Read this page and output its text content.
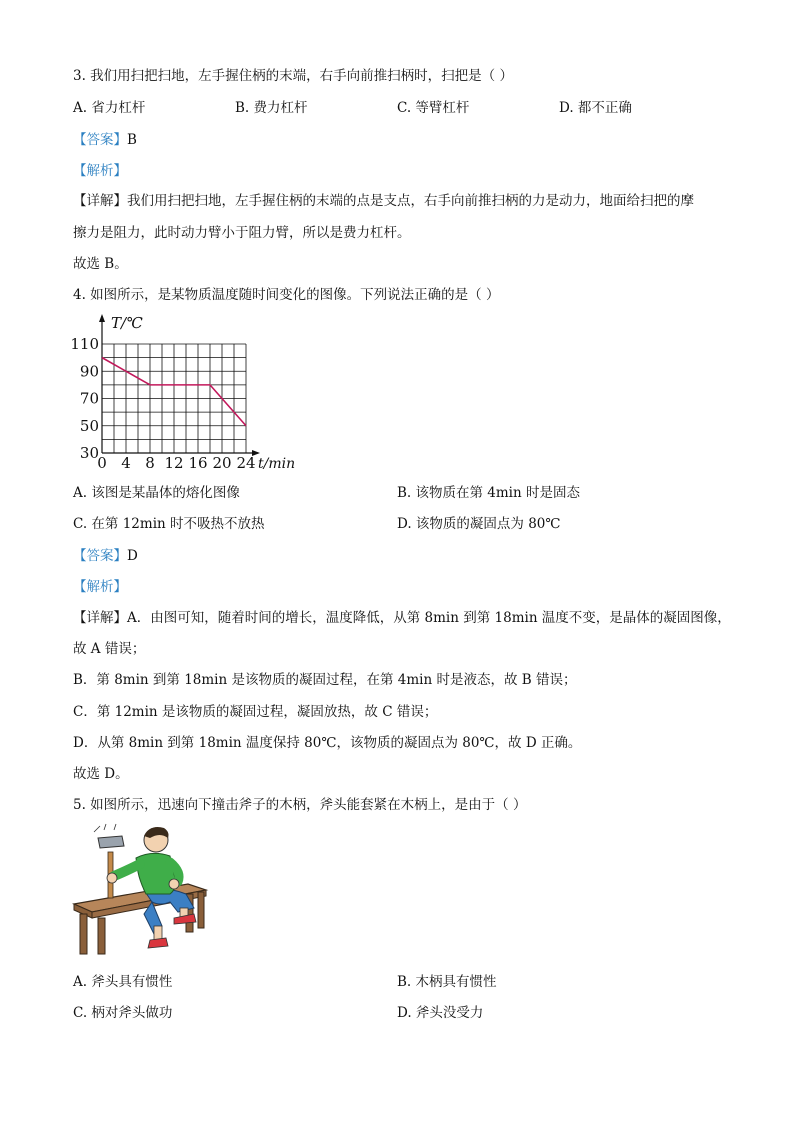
3. 我们用扫把扫地，左手握住柄的末端，右手向前推扫柄时，扫把是（ ）
A. 省力杠杆	B. 费力杠杆	C. 等臂杠杆	D. 都不正确
【答案】B
【解析】
【详解】我们用扫把扫地，左手握住柄的末端的点是支点，右手向前推扫柄的力是动力，地面给扫把的摩
擦力是阻力，此时动力臂小于阻力臂，所以是费力杠杆。
故选 B。
4. 如图所示，是某物质温度随时间变化的图像。下列说法正确的是（ ）
0 4 8 12 16 20 24
110
90
70
50
30
T/℃
t/min
A. 该图是某晶体的熔化图像	B. 该物质在第 4min 时是固态
C. 在第 12min 时不吸热不放热	D. 该物质的凝固点为 80℃
【答案】D
【解析】
【详解】A．由图可知，随着时间的增长，温度降低，从第 8min 到第 18min 温度不变，是晶体的凝固图像，
故 A 错误；
B．第 8min 到第 18min 是该物质的凝固过程，在第 4min 时是液态，故 B 错误；
C．第 12min 是该物质的凝固过程，凝固放热，故 C 错误；
D．从第 8min 到第 18min 温度保持 80℃，该物质的凝固点为 80℃，故 D 正确。
故选 D。
5. 如图所示，迅速向下撞击斧子的木柄，斧头能套紧在木柄上，是由于（ ）
A. 斧头具有惯性	B. 木柄具有惯性
C. 柄对斧头做功	D. 斧头没受力
